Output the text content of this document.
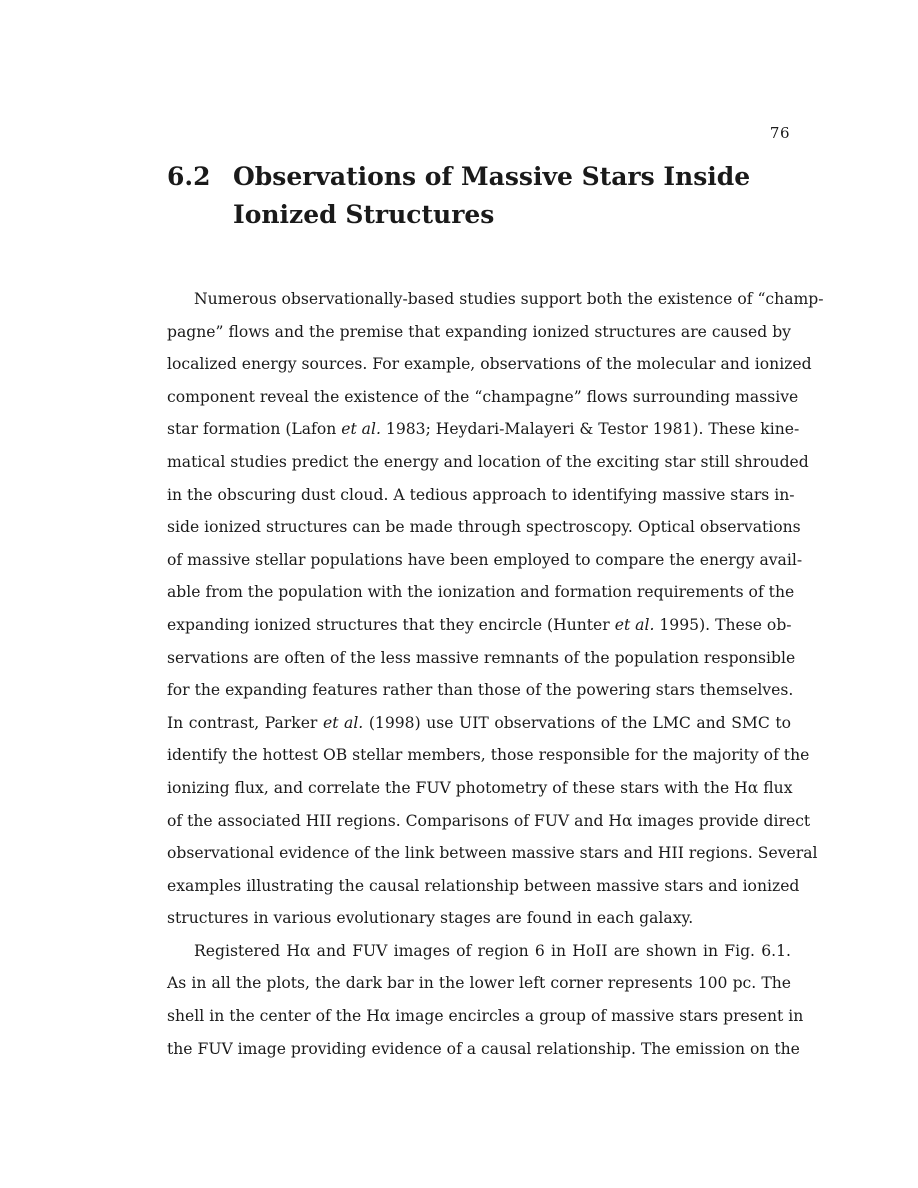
76
6.2 Observations of Massive Stars Inside Ionized Structures

Numerous observationally-based studies support both the existence of “champ-
pagne” flows and the premise that expanding ionized structures are caused by
localized energy sources. For example, observations of the molecular and ionized
component reveal the existence of the “champagne” flows surrounding massive
star formation (Lafon et al. 1983; Heydari-Malayeri & Testor 1981). These kine-
matical studies predict the energy and location of the exciting star still shrouded
in the obscuring dust cloud. A tedious approach to identifying massive stars in-
side ionized structures can be made through spectroscopy. Optical observations
of massive stellar populations have been employed to compare the energy avail-
able from the population with the ionization and formation requirements of the
expanding ionized structures that they encircle (Hunter et al. 1995). These ob-
servations are often of the less massive remnants of the population responsible
for the expanding features rather than those of the powering stars themselves.
In contrast, Parker et al. (1998) use UIT observations of the LMC and SMC to
identify the hottest OB stellar members, those responsible for the majority of the
ionizing flux, and correlate the FUV photometry of these stars with the Hα flux
of the associated HII regions. Comparisons of FUV and Hα images provide direct
observational evidence of the link between massive stars and HII regions. Several
examples illustrating the causal relationship between massive stars and ionized
structures in various evolutionary stages are found in each galaxy.

Registered Hα and FUV images of region 6 in HoII are shown in Fig. 6.1.
As in all the plots, the dark bar in the lower left corner represents 100 pc. The
shell in the center of the Hα image encircles a group of massive stars present in
the FUV image providing evidence of a causal relationship. The emission on the
